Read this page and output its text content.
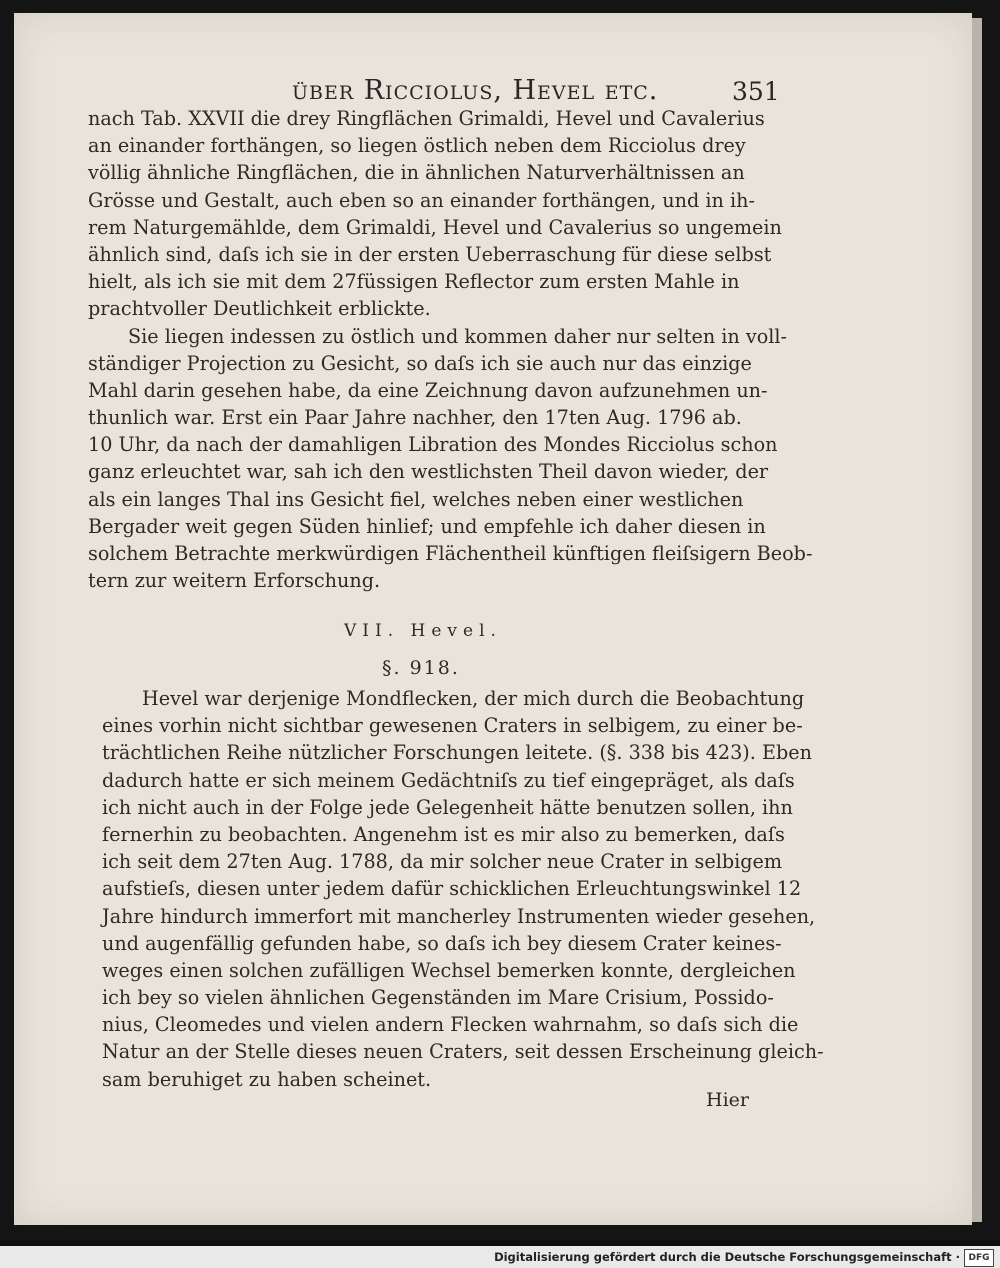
über Ricciolus, Hevel etc.	351
nach Tab. XXVII die drey Ringflächen Grimaldi, Hevel und Cavalerius
an einander forthängen, so liegen östlich neben dem Ricciolus drey
völlig ähnliche Ringflächen, die in ähnlichen Naturverhältnissen an
Grösse und Gestalt, auch eben so an einander forthängen, und in ih-
rem Naturgemählde, dem Grimaldi, Hevel und Cavalerius so ungemein
ähnlich sind, daſs ich sie in der ersten Ueberraschung für diese selbst
hielt, als ich sie mit dem 27füssigen Reflector zum ersten Mahle in
prachtvoller Deutlichkeit erblickte.
Sie liegen indessen zu östlich und kommen daher nur selten in voll-
ständiger Projection zu Gesicht, so daſs ich sie auch nur das einzige
Mahl darin gesehen habe, da eine Zeichnung davon aufzunehmen un-
thunlich war. Erst ein Paar Jahre nachher, den 17ten Aug. 1796 ab.
10 Uhr, da nach der damahligen Libration des Mondes Ricciolus schon
ganz erleuchtet war, sah ich den westlichsten Theil davon wieder, der
als ein langes Thal ins Gesicht fiel, welches neben einer westlichen
Bergader weit gegen Süden hinlief; und empfehle ich daher diesen in
solchem Betrachte merkwürdigen Flächentheil künftigen fleiſsigern Beob-
tern zur weitern Erforschung.
VII. Hevel.
§. 918.
Hevel war derjenige Mondflecken, der mich durch die Beobachtung
eines vorhin nicht sichtbar gewesenen Craters in selbigem, zu einer be-
trächtlichen Reihe nützlicher Forschungen leitete. (§. 338 bis 423). Eben
dadurch hatte er sich meinem Gedächtniſs zu tief eingepräget, als daſs
ich nicht auch in der Folge jede Gelegenheit hätte benutzen sollen, ihn
fernerhin zu beobachten. Angenehm ist es mir also zu bemerken, daſs
ich seit dem 27ten Aug. 1788, da mir solcher neue Crater in selbigem
aufstieſs, diesen unter jedem dafür schicklichen Erleuchtungswinkel 12
Jahre hindurch immerfort mit mancherley Instrumenten wieder gesehen,
und augenfällig gefunden habe, so daſs ich bey diesem Crater keines-
weges einen solchen zufälligen Wechsel bemerken konnte, dergleichen
ich bey so vielen ähnlichen Gegenständen im Mare Crisium, Possido-
nius, Cleomedes und vielen andern Flecken wahrnahm, so daſs sich die
Natur an der Stelle dieses neuen Craters, seit dessen Erscheinung gleich-
sam beruhiget zu haben scheinet.
Hier
Digitalisierung gefördert durch die Deutsche Forschungsgemeinschaft · DFG
